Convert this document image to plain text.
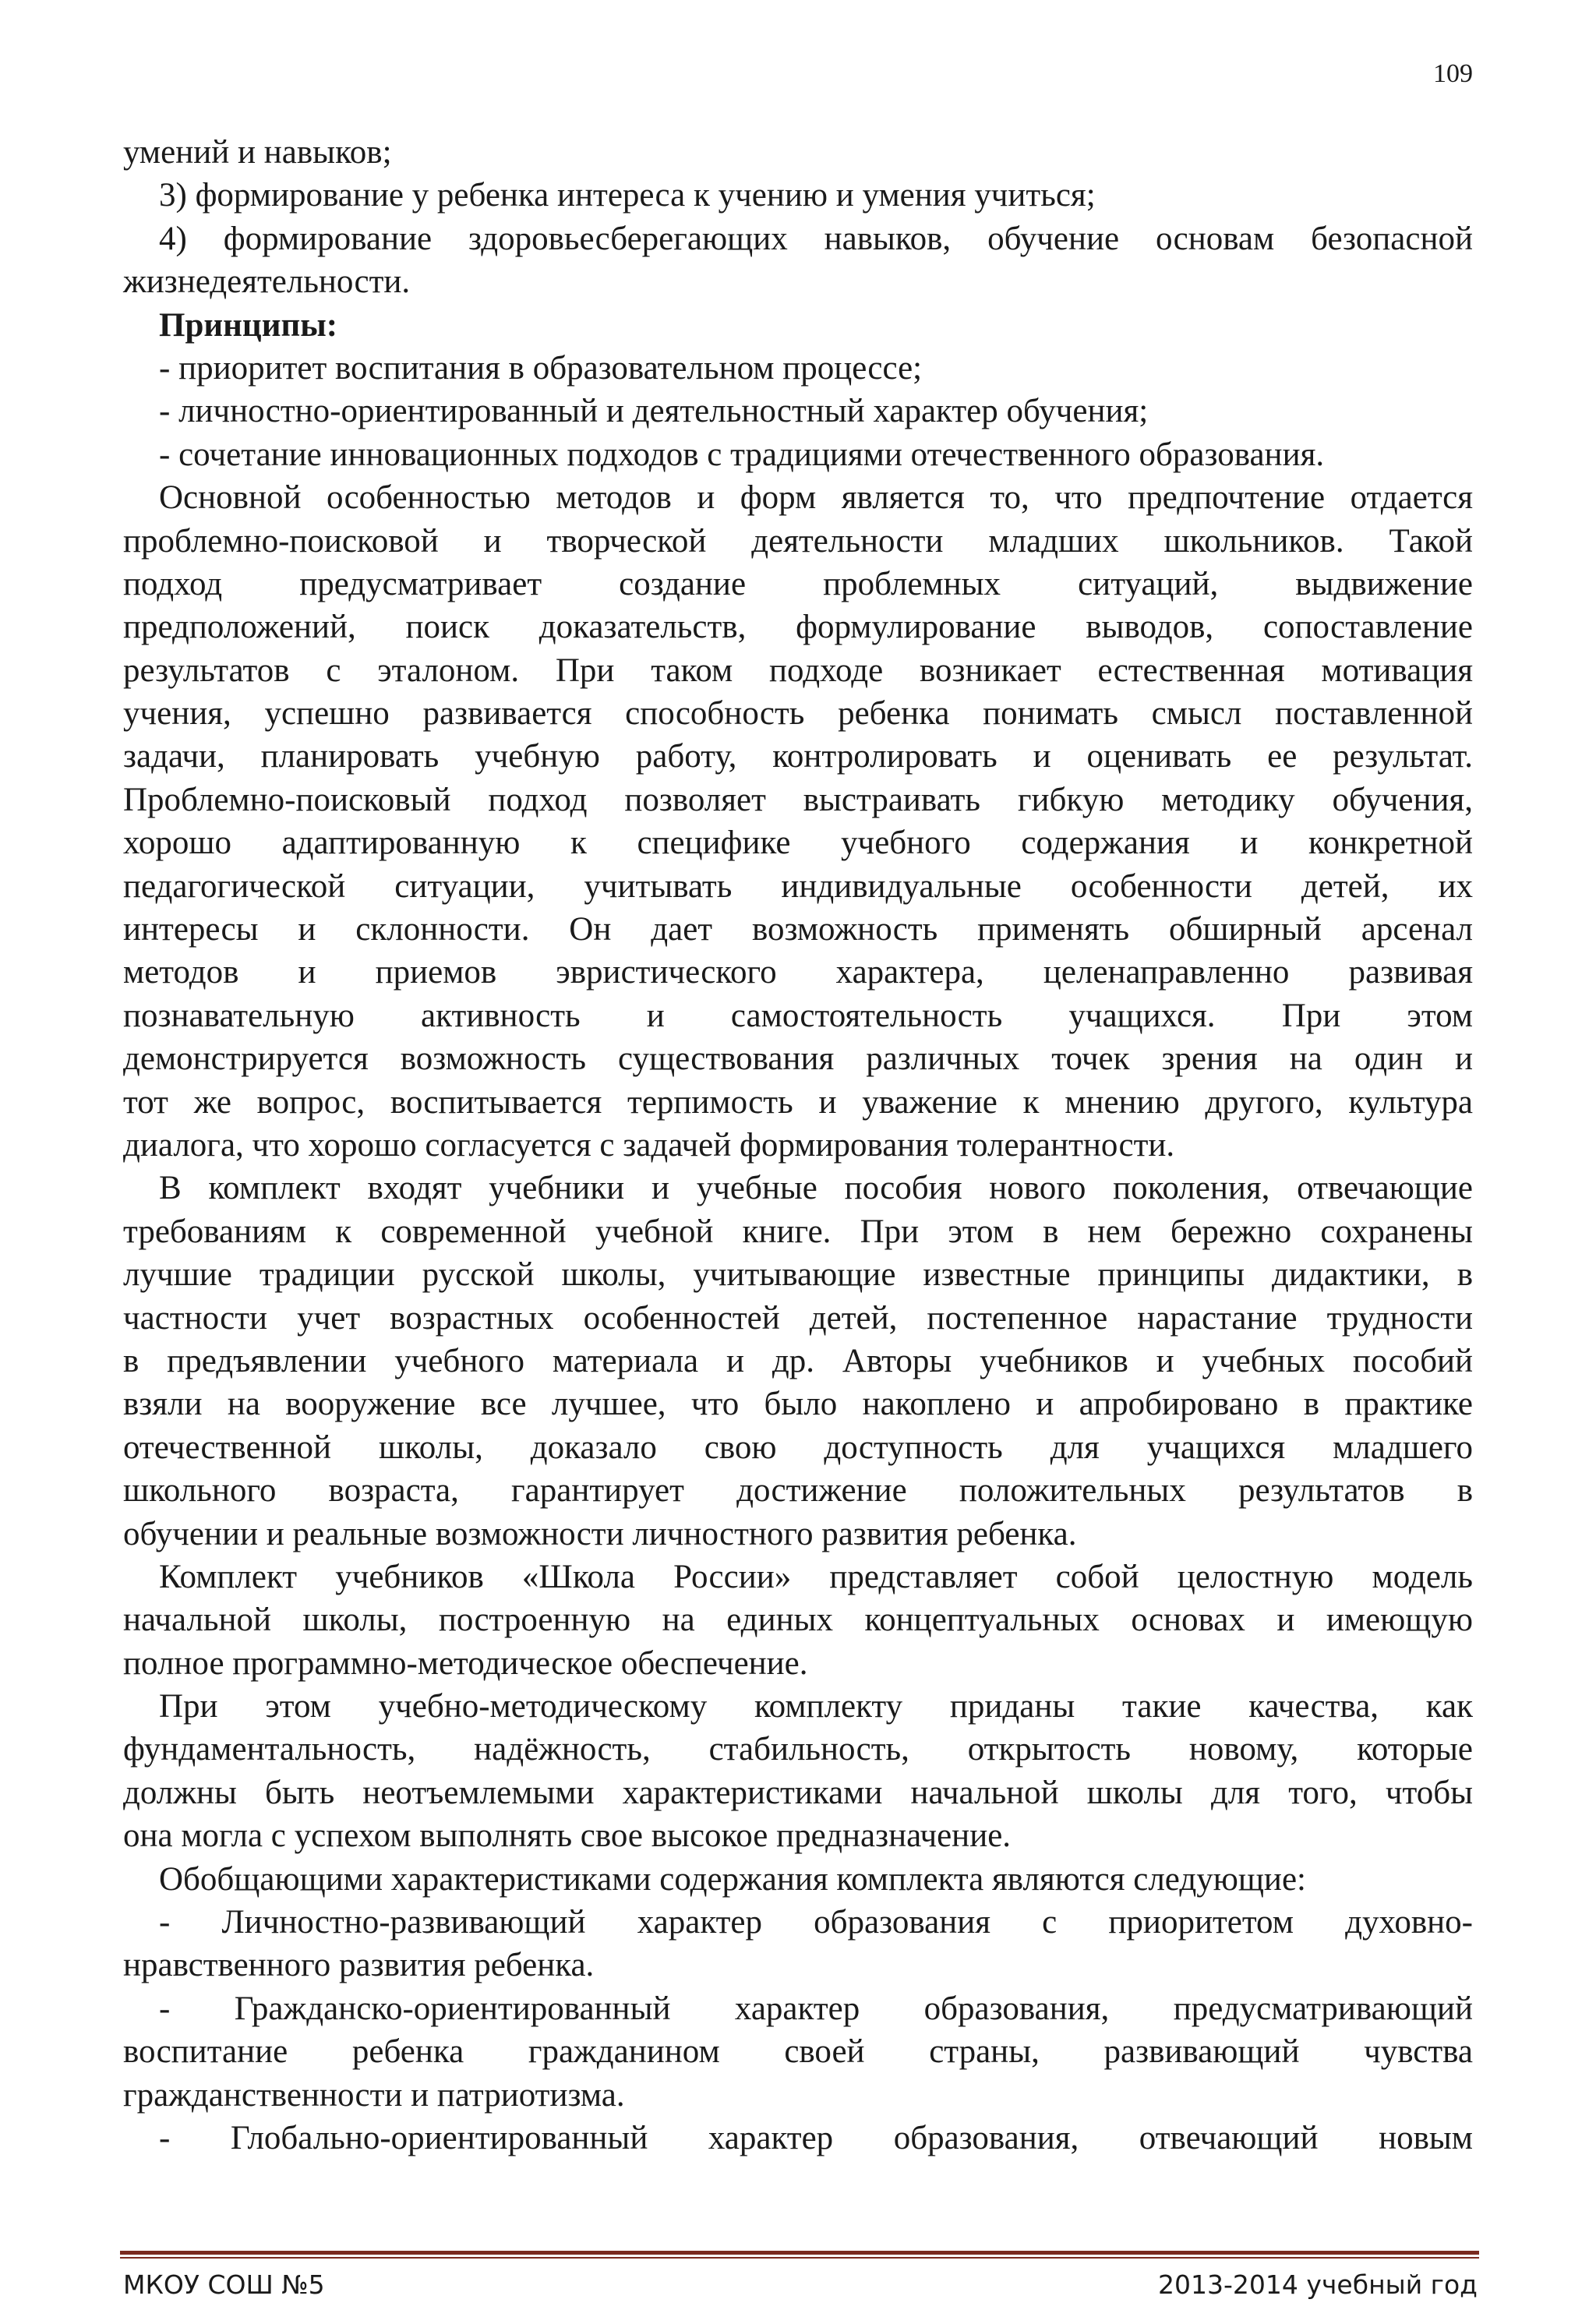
109
умений и навыков;
3) формирование у ребенка интереса к учению и умения учиться;
4) формирование здоровьесберегающих навыков, обучение основам безопасной
жизнедеятельности.
Принципы:
- приоритет воспитания в образовательном процессе;
- личностно-ориентированный и деятельностный характер обучения;
- сочетание инновационных подходов с традициями отечественного образования.
Основной особенностью методов и форм является то, что предпочтение отдается
проблемно-поисковой и творческой деятельности младших школьников. Такой
подход предусматривает создание проблемных ситуаций, выдвижение
предположений, поиск доказательств, формулирование выводов, сопоставление
результатов с эталоном. При таком подходе возникает естественная мотивация
учения, успешно развивается способность ребенка понимать смысл поставленной
задачи, планировать учебную работу, контролировать и оценивать ее результат.
Проблемно-поисковый подход позволяет выстраивать гибкую методику обучения,
хорошо адаптированную к специфике учебного содержания и конкретной
педагогической ситуации, учитывать индивидуальные особенности детей, их
интересы и склонности. Он дает возможность применять обширный арсенал
методов и приемов эвристического характера, целенаправленно развивая
познавательную активность и самостоятельность учащихся. При этом
демонстрируется возможность существования различных точек зрения на один и
тот же вопрос, воспитывается терпимость и уважение к мнению другого, культура
диалога, что хорошо согласуется с задачей формирования толерантности.
В комплект входят учебники и учебные пособия нового поколения, отвечающие
требованиям к современной учебной книге. При этом в нем бережно сохранены
лучшие традиции русской школы, учитывающие известные принципы дидактики, в
частности учет возрастных особенностей детей, постепенное нарастание трудности
в предъявлении учебного материала и др. Авторы учебников и учебных пособий
взяли на вооружение все лучшее, что было накоплено и апробировано в практике
отечественной школы, доказало свою доступность для учащихся младшего
школьного возраста, гарантирует достижение положительных результатов в
обучении и реальные возможности личностного развития ребенка.
Комплект учебников «Школа России» представляет собой целостную модель
начальной школы, построенную на единых концептуальных основах и имеющую
полное программно-методическое обеспечение.
При этом учебно-методическому комплекту приданы такие качества, как
фундаментальность, надёжность, стабильность, открытость новому, которые
должны быть неотъемлемыми характеристиками начальной школы для того, чтобы
она могла с успехом выполнять свое высокое предназначение.
Обобщающими характеристиками содержания комплекта являются следующие:
- Личностно-развивающий характер образования с приоритетом духовно-
нравственного развития ребенка.
- Гражданско-ориентированный характер образования, предусматривающий
воспитание ребенка гражданином своей страны, развивающий чувства
гражданственности и патриотизма.
- Глобально-ориентированный характер образования, отвечающий новым
МКОУ СОШ №5	2013-2014 учебный год
